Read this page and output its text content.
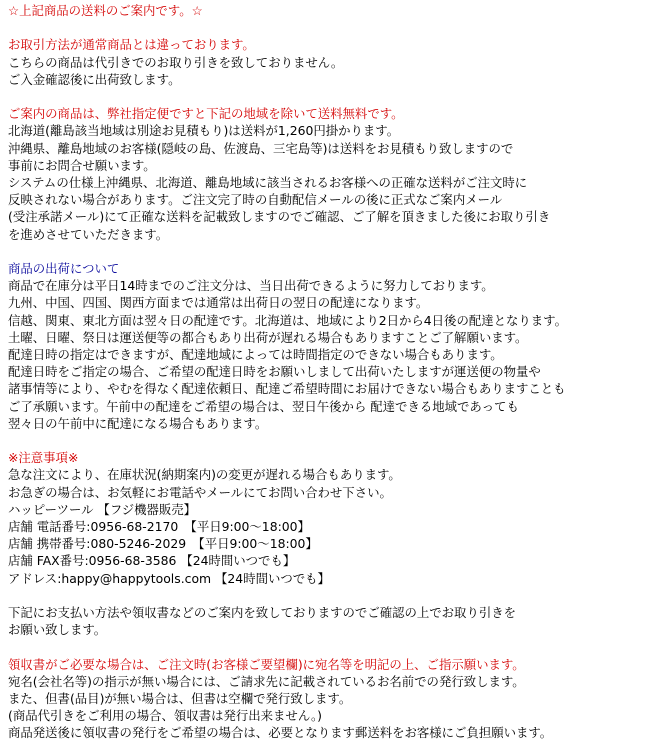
☆上記商品の送料のご案内です。☆
お取引方法が通常商品とは違っております。
こちらの商品は代引きでのお取り引きを致しておりません。
ご入金確認後に出荷致します。
ご案内の商品は、弊社指定便ですと下記の地域を除いて送料無料です。
北海道(離島該当地域は別途お見積もり)は送料が1,260円掛かります。
沖縄県、離島地域のお客様(隠岐の島、佐渡島、三宅島等)は送料をお見積もり致しますので
事前にお問合せ願います。
システムの仕様上沖縄県、北海道、離島地域に該当されるお客様への正確な送料がご注文時に
反映されない場合があります。ご注文完了時の自動配信メールの後に正式なご案内メール
(受注承諾メール)にて正確な送料を記載致しますのでご確認、ご了解を頂きました後にお取り引き
を進めさせていただきます。
商品の出荷について
商品で在庫分は平日14時までのご注文分は、当日出荷できるように努力しております。
九州、中国、四国、関西方面までは通常は出荷日の翌日の配達になります。
信越、関東、東北方面は翌々日の配達です。北海道は、地域により2日から4日後の配達となります。
土曜、日曜、祭日は運送便等の都合もあり出荷が遅れる場合もありますことご了解願います。
配達日時の指定はできますが、配達地域によっては時間指定のできない場合もあります。
配達日時をご指定の場合、ご希望の配達日時をお願いしまして出荷いたしますが運送便の物量や
諸事情等により、やむを得なく配達依頼日、配達ご希望時間にお届けできない場合もありますことも
ご了承願います。午前中の配達をご希望の場合は、翌日午後から 配達できる地域であっても
翌々日の午前中に配達になる場合もあります。
※注意事項※
急な注文により、在庫状況(納期案内)の変更が遅れる場合もあります。
お急ぎの場合は、お気軽にお電話やメールにてお問い合わせ下さい。
ハッピーツール 【フジ機器販売】
店舗 電話番号:0956-68-2170　【平日9:00～18:00】
店舗 携帯番号:080-5246-2029　【平日9:00～18:00】
店舗 FAX番号:0956-68-3586 【24時間いつでも】
アドレス:happy@happytools.com 【24時間いつでも】
下記にお支払い方法や領収書などのご案内を致しておりますのでご確認の上でお取り引きを
お願い致します。
領収書がご必要な場合は、ご注文時(お客様ご要望欄)に宛名等を明記の上、ご指示願います。
宛名(会社名等)の指示が無い場合には、ご請求先に記載されているお名前での発行致します。
また、但書(品目)が無い場合は、但書は空欄で発行致します。
(商品代引きをご利用の場合、領収書は発行出来ません。)
商品発送後に領収書の発行をご希望の場合は、必要となります郵送料をお客様にご負担願います。
